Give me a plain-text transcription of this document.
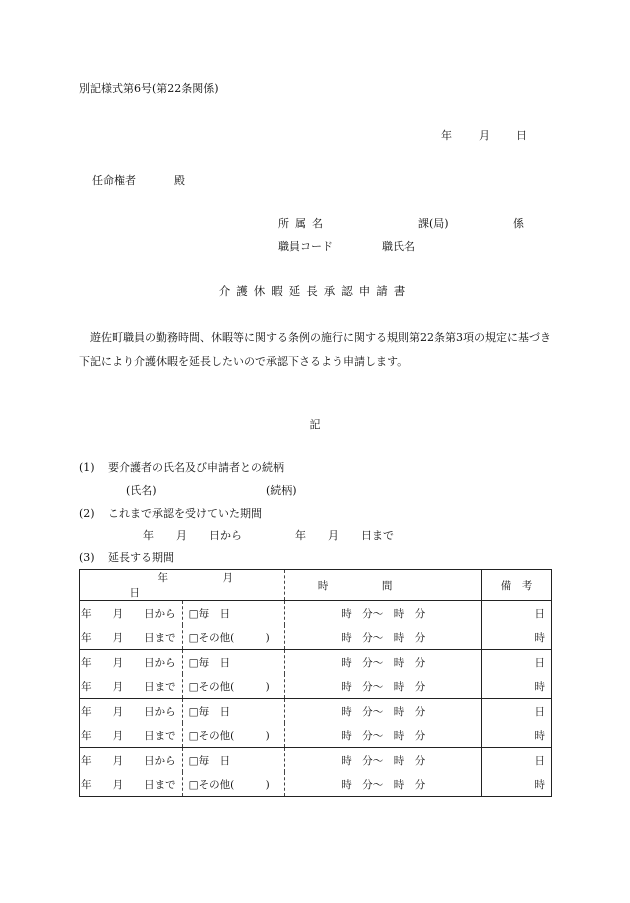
別記様式第6号(第22条関係)
年 月 日
任命権者	殿
所属名	課(局)	係
職員コード	職氏名
介護休暇延長承認申請書
遊佐町職員の勤務時間、休暇等に関する条例の施行に関する規則第22条第3項の規定に基づき下記により介護休暇を延長したいので承認下さるよう申請します。
記
(1) 要介護者の氏名及び申請者との続柄
(氏名)	(続柄)
(2) これまで承認を受けていた期間
年　　月　　日から	年　　月　　日まで
(3) 延長する期間
年 月日		時 間	備　考
年　　月　　日から	□毎　日	時　分〜　時　分	日
年　　月　　日まで	□その他(　　　)	時　分〜　時　分	時
年　　月　　日から	□毎　日	時　分〜　時　分	日
年　　月　　日まで	□その他(　　　)	時　分〜　時　分	時
年　　月　　日から	□毎　日	時　分〜　時　分	日
年　　月　　日まで	□その他(　　　)	時　分〜　時　分	時
年　　月　　日から	□毎　日	時　分〜　時　分	日
年　　月　　日まで	□その他(　　　)	時　分〜　時　分	時
